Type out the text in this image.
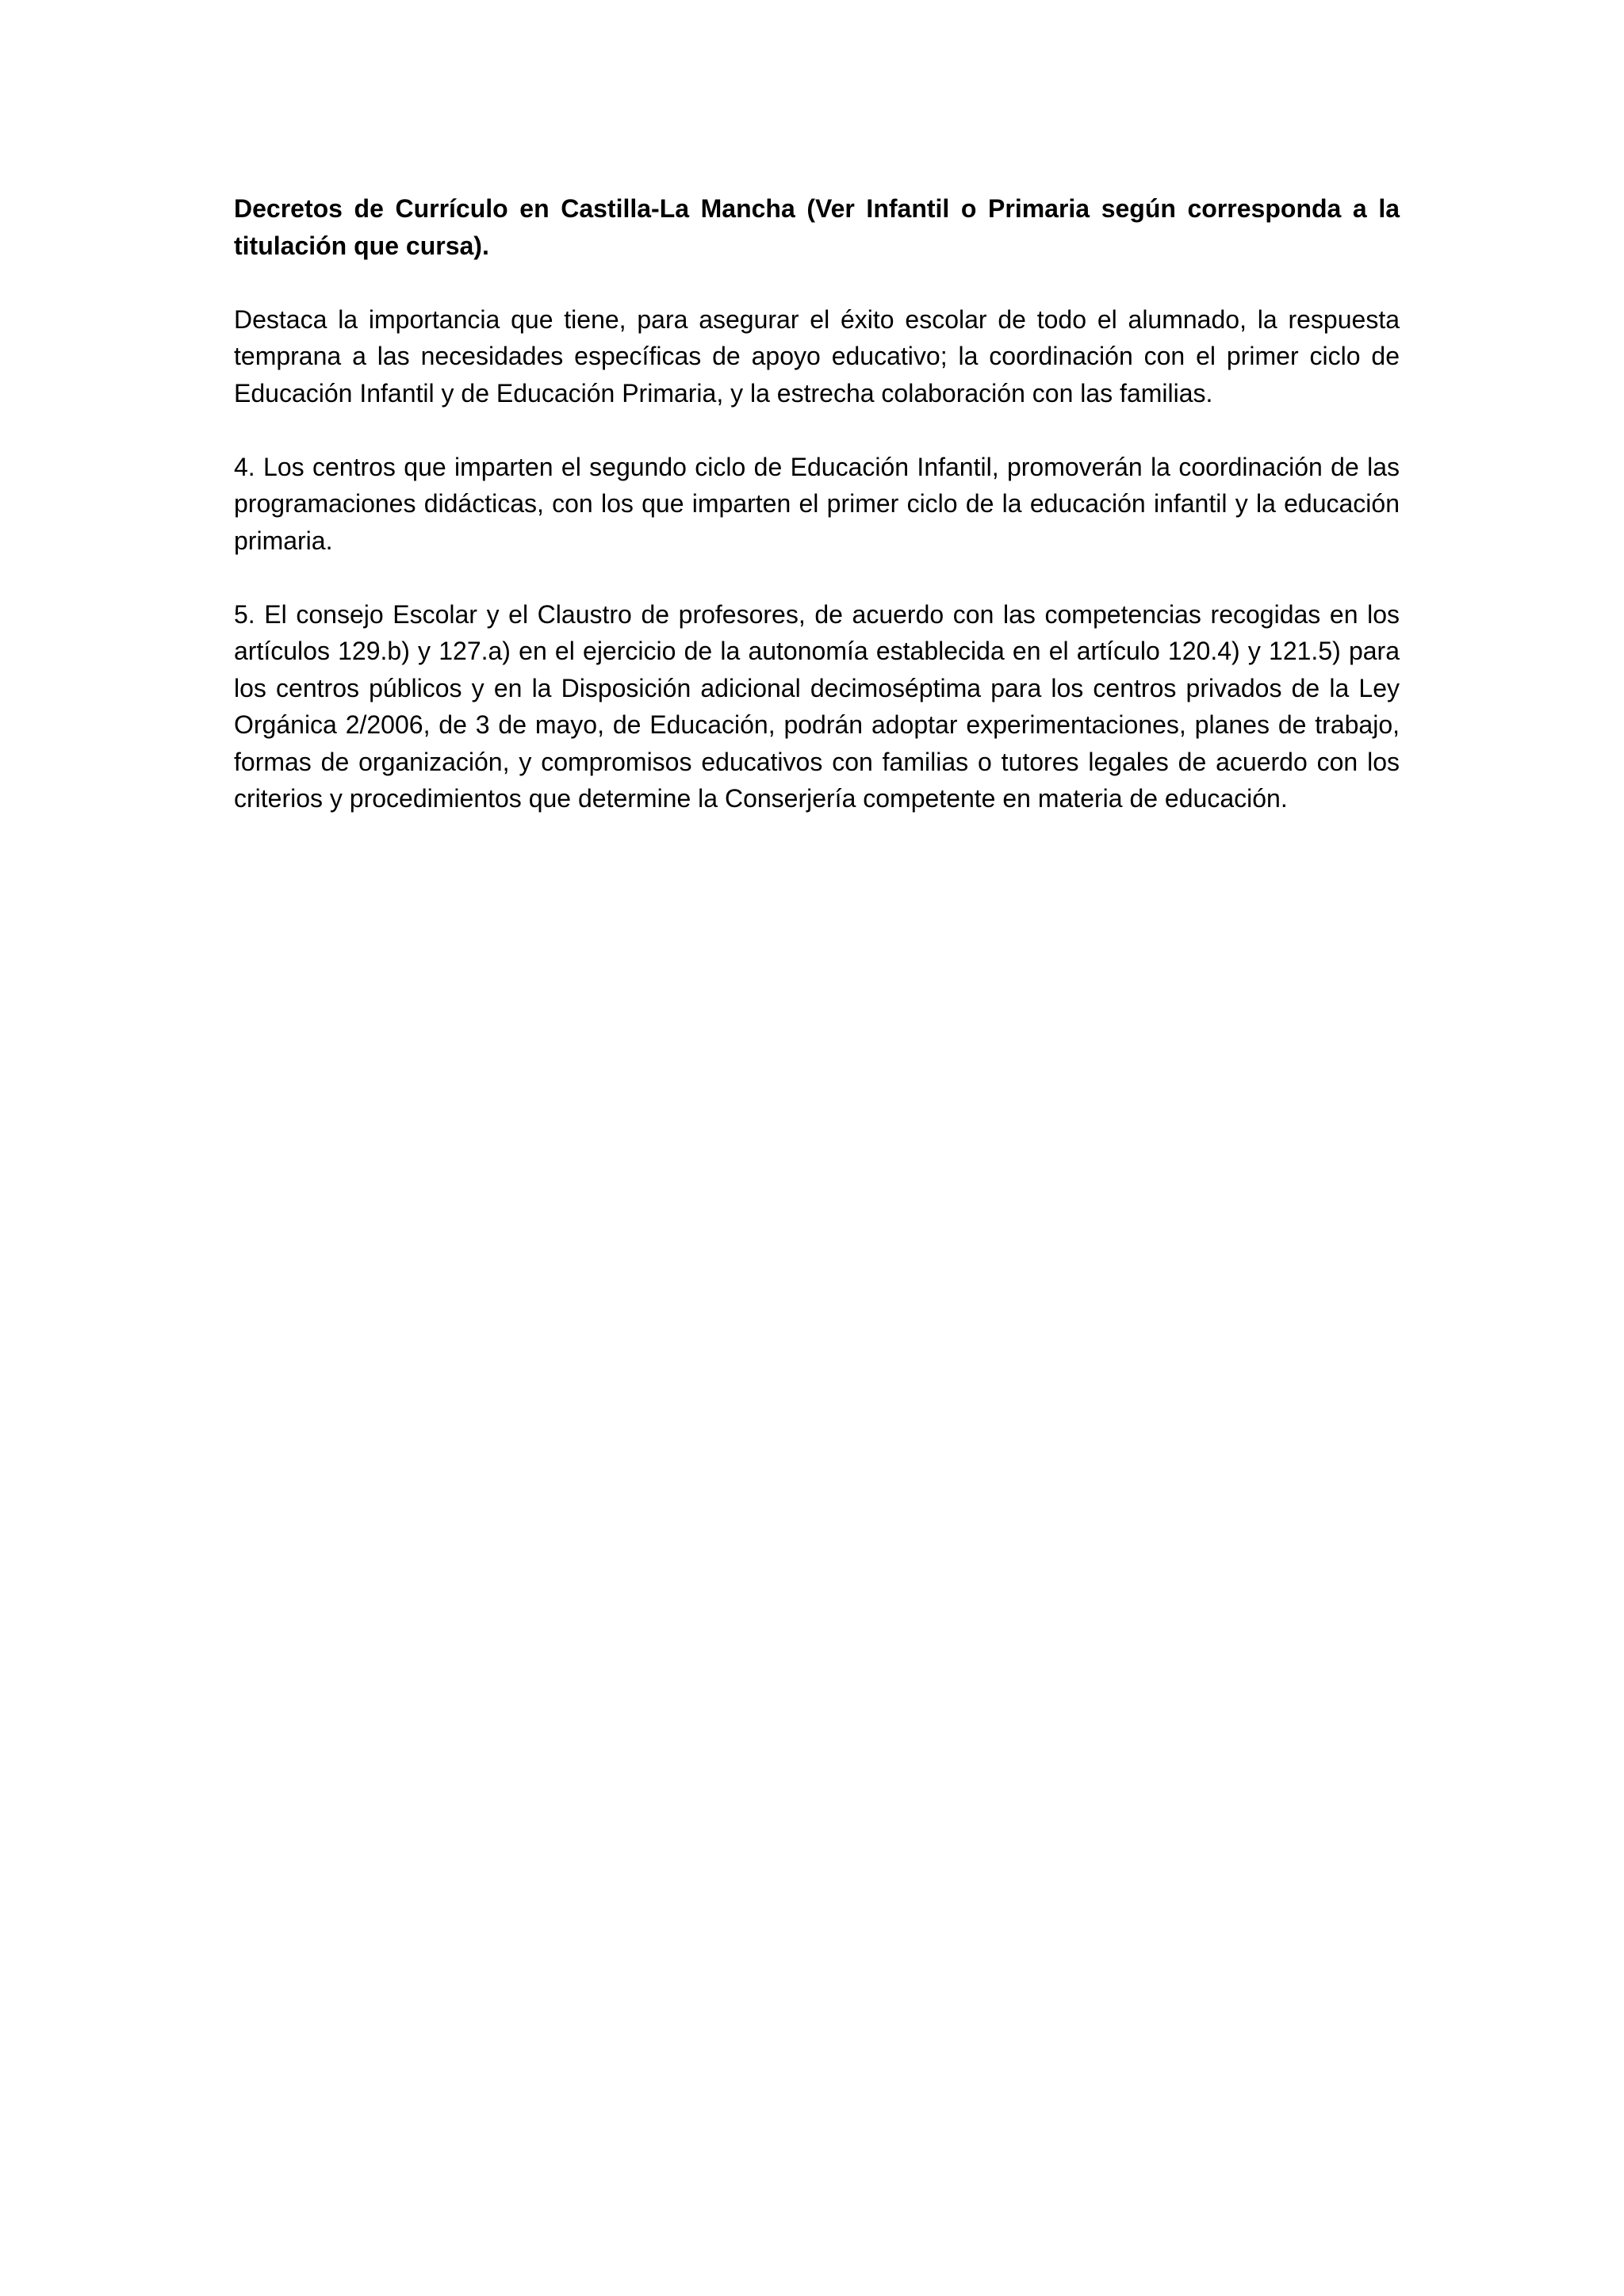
Decretos de Currículo en Castilla-La Mancha (Ver Infantil o Primaria según corresponda a la titulación que cursa).

Destaca la importancia que tiene, para asegurar el éxito escolar de todo el alumnado, la respuesta temprana a las necesidades específicas de apoyo educativo; la coordinación con el primer ciclo de Educación Infantil y de Educación Primaria, y la estrecha colaboración con las familias.

4. Los centros que imparten el segundo ciclo de Educación Infantil, promoverán la coordinación de las programaciones didácticas, con los que imparten el primer ciclo de la educación infantil y la educación primaria.

5. El consejo Escolar y el Claustro de profesores, de acuerdo con las competencias recogidas en los artículos 129.b) y 127.a) en el ejercicio de la autonomía establecida en el artículo 120.4) y 121.5) para los centros públicos y en la Disposición adicional decimoséptima para los centros privados de la Ley Orgánica 2/2006, de 3 de mayo, de Educación, podrán adoptar experimentaciones, planes de trabajo, formas de organización, y compromisos educativos con familias o tutores legales de acuerdo con los criterios y procedimientos que determine la Conserjería competente en materia de educación.
